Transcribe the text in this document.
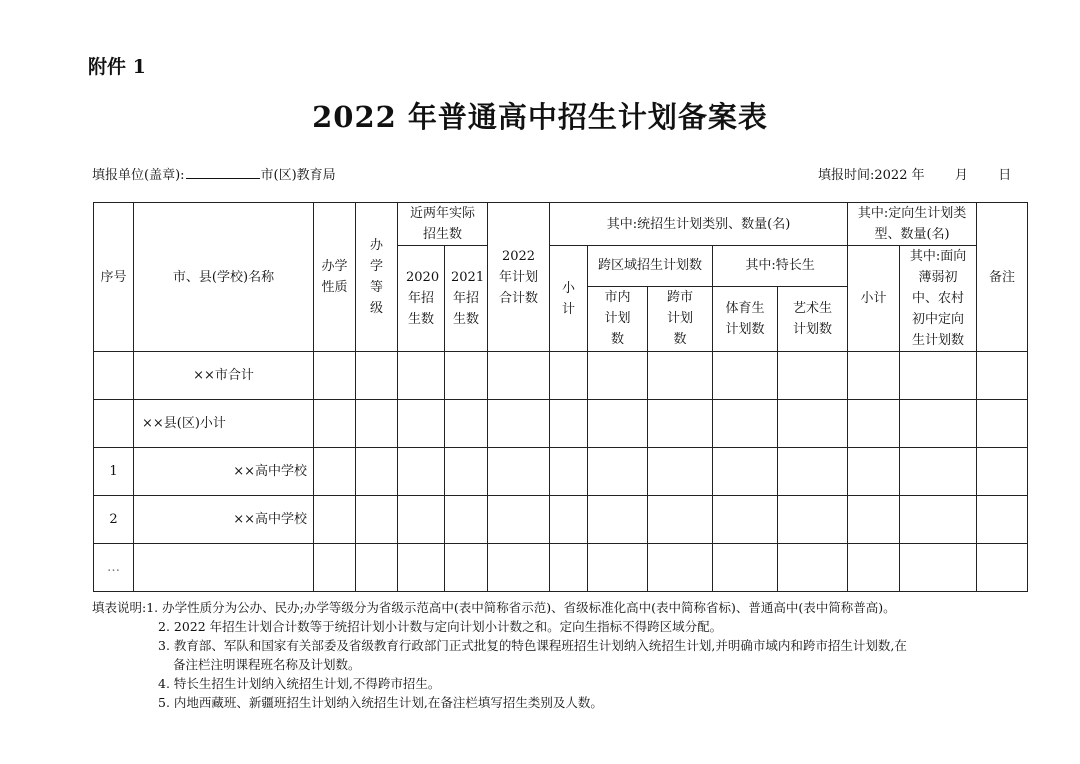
附件 1
2022 年普通高中招生计划备案表
填报单位(盖章):	市(区)教育局	填报时间:2022 年 月 日
序号	市、县(学校)名称	办学性质	办学等级	近两年实际招生数		2022 年计划合计数	其中:统招生计划类别、数量(名)					其中:定向生计划类型、数量(名)		备注
				2020年招生数	2021年招生数		小计	跨区域招生计划数		其中:特长生		小计	其中:面向薄弱初中、农村初中定向生计划数	
								市内计划数	跨市计划数	体育生计划数	艺术生计划数			
	××市合计													
	××县(区)小计													
1	××高中学校													
2	××高中学校													
…														
填表说明:1. 办学性质分为公办、民办;办学等级分为省级示范高中(表中简称省示范)、省级标准化高中(表中简称省标)、普通高中(表中简称普高)。
2. 2022 年招生计划合计数等于统招计划小计数与定向计划小计数之和。定向生指标不得跨区域分配。
3. 教育部、军队和国家有关部委及省级教育行政部门正式批复的特色课程班招生计划纳入统招生计划,并明确市域内和跨市招生计划数,在
备注栏注明课程班名称及计划数。
4. 特长生招生计划纳入统招生计划,不得跨市招生。
5. 内地西藏班、新疆班招生计划纳入统招生计划,在备注栏填写招生类别及人数。
